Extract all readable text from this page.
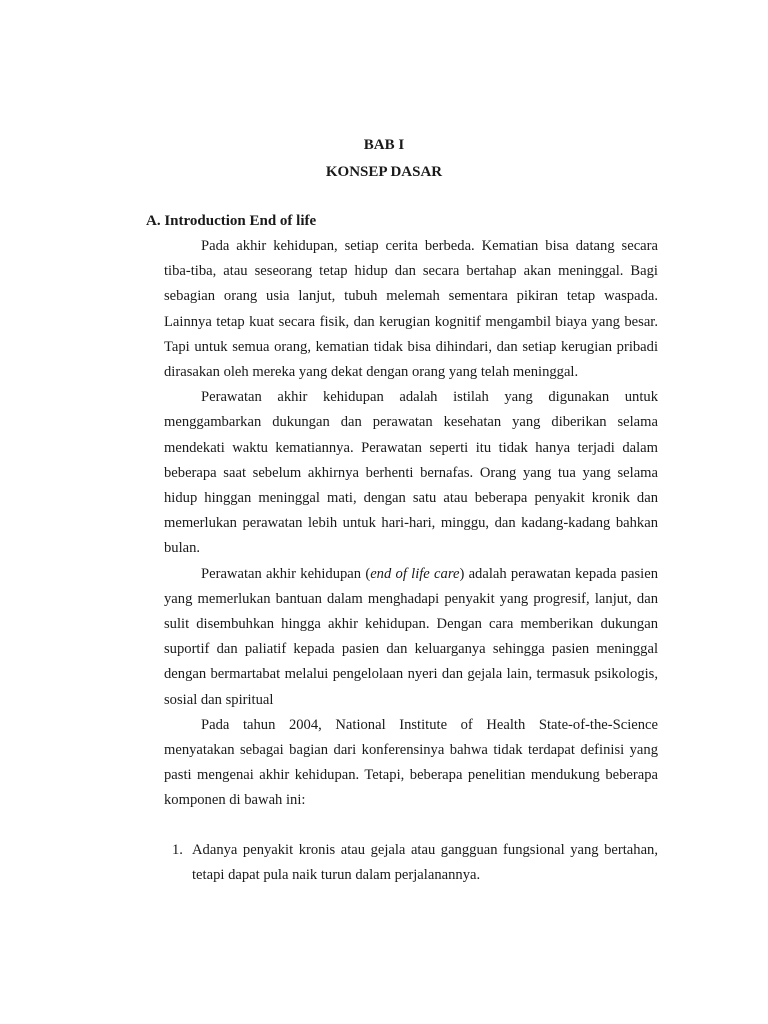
BAB I
KONSEP DASAR
A. Introduction End of life

Pada akhir kehidupan, setiap cerita berbeda. Kematian bisa datang secara tiba-tiba, atau seseorang tetap hidup dan secara bertahap akan meninggal. Bagi sebagian orang usia lanjut, tubuh melemah sementara pikiran tetap waspada. Lainnya tetap kuat secara fisik, dan kerugian kognitif mengambil biaya yang besar. Tapi untuk semua orang, kematian tidak bisa dihindari, dan setiap kerugian pribadi dirasakan oleh mereka yang dekat dengan orang yang telah meninggal.

Perawatan akhir kehidupan adalah istilah yang digunakan untuk menggambarkan dukungan dan perawatan kesehatan yang diberikan selama mendekati waktu kematiannya. Perawatan seperti itu tidak hanya terjadi dalam beberapa saat sebelum akhirnya berhenti bernafas. Orang yang tua yang selama hidup hinggan meninggal mati, dengan satu atau beberapa penyakit kronik dan memerlukan perawatan lebih untuk hari-hari, minggu, dan kadang-kadang bahkan bulan.

Perawatan akhir kehidupan (end of life care) adalah perawatan kepada pasien yang memerlukan bantuan dalam menghadapi penyakit yang progresif, lanjut, dan sulit disembuhkan hingga akhir kehidupan. Dengan cara memberikan dukungan suportif dan paliatif kepada pasien dan keluarganya sehingga pasien meninggal dengan bermartabat melalui pengelolaan nyeri dan gejala lain, termasuk psikologis, sosial dan spiritual

Pada tahun 2004, National Institute of Health State-of-the-Science menyatakan sebagai bagian dari konferensinya bahwa tidak terdapat definisi yang pasti mengenai akhir kehidupan. Tetapi, beberapa penelitian mendukung beberapa komponen di bawah ini:

1. Adanya penyakit kronis atau gejala atau gangguan fungsional yang bertahan, tetapi dapat pula naik turun dalam perjalanannya.
